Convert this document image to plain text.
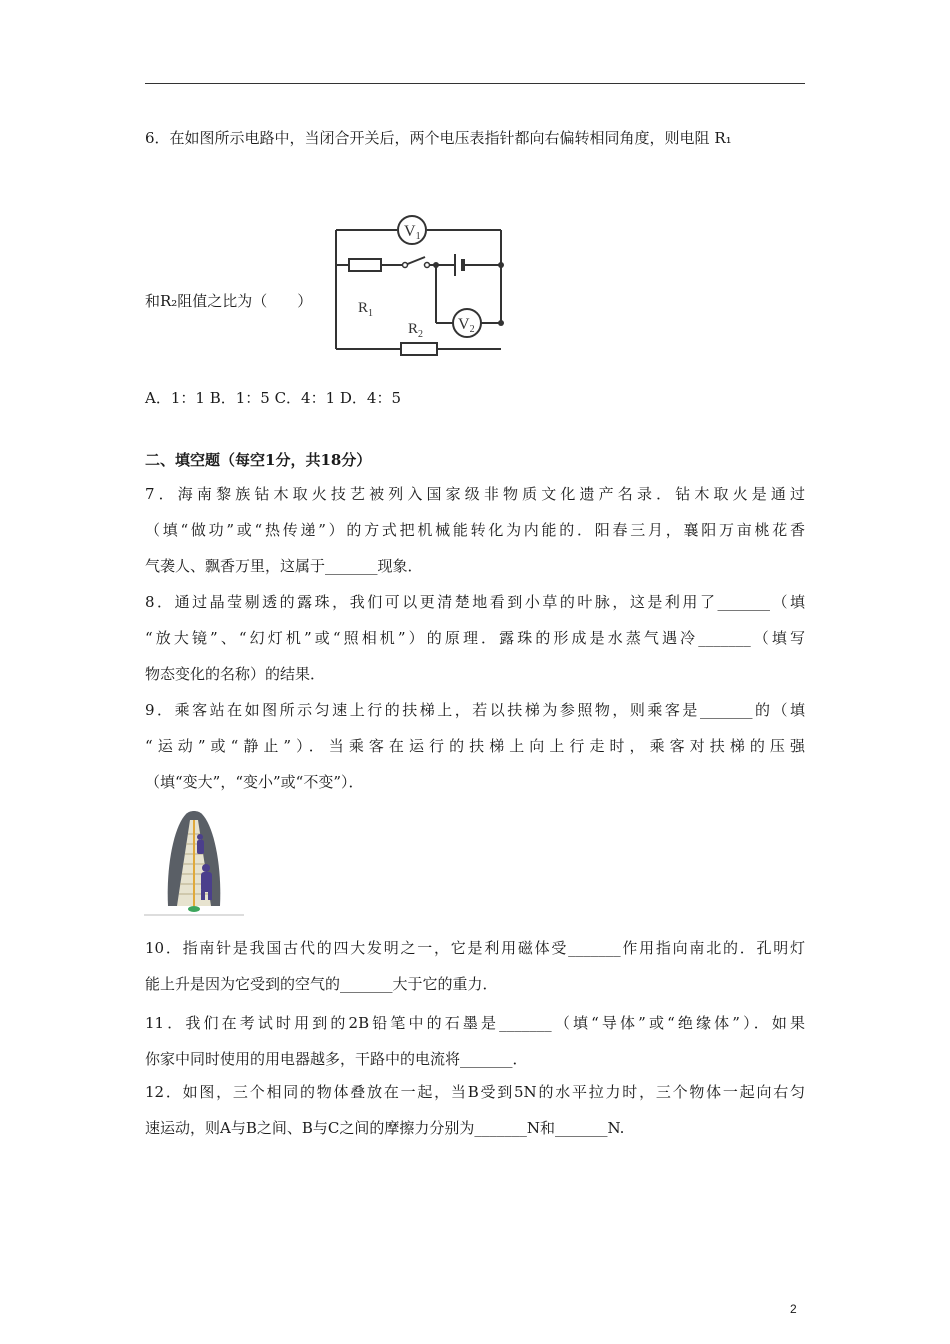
6．在如图所示电路中，当闭合开关后，两个电压表指针都向右偏转相同角度，则电阻 R₁
和R₂阻值之比为（　　）
V1
V2
$R_1$
$R_2$
A．1：1 B．1：5 C．4：1 D．4：5
二、填空题（每空1分，共18分）

7．海南黎族钻木取火技艺被列入国家级非物质文化遗产名录．钻木取火是通过

（填“做功”或“热传递”）的方式把机械能转化为内能的．阳春三月，襄阳万亩桃花香

气袭人、飘香万里，这属于_______现象．

8．通过晶莹剔透的露珠，我们可以更清楚地看到小草的叶脉，这是利用了_______（填

“放大镜”、“幻灯机”或“照相机”）的原理．露珠的形成是水蒸气遇冷_______（填写

物态变化的名称）的结果．

9．乘客站在如图所示匀速上行的扶梯上，若以扶梯为参照物，则乘客是_______的（填

“运动”或“静止”）．当乘客在运行的扶梯上向上行走时，乘客对扶梯的压强

（填“变大”，“变小”或“不变”）．

10．指南针是我国古代的四大发明之一，它是利用磁体受_______作用指向南北的．孔明灯

能上升是因为它受到的空气的_______大于它的重力．

11．我们在考试时用到的2B铅笔中的石墨是_______（填“导体”或“绝缘体”）．如果

你家中同时使用的用电器越多，干路中的电流将_______．

12．如图，三个相同的物体叠放在一起，当B受到5N的水平拉力时，三个物体一起向右匀

速运动，则A与B之间、B与C之间的摩擦力分别为_______N和_______N.

2
